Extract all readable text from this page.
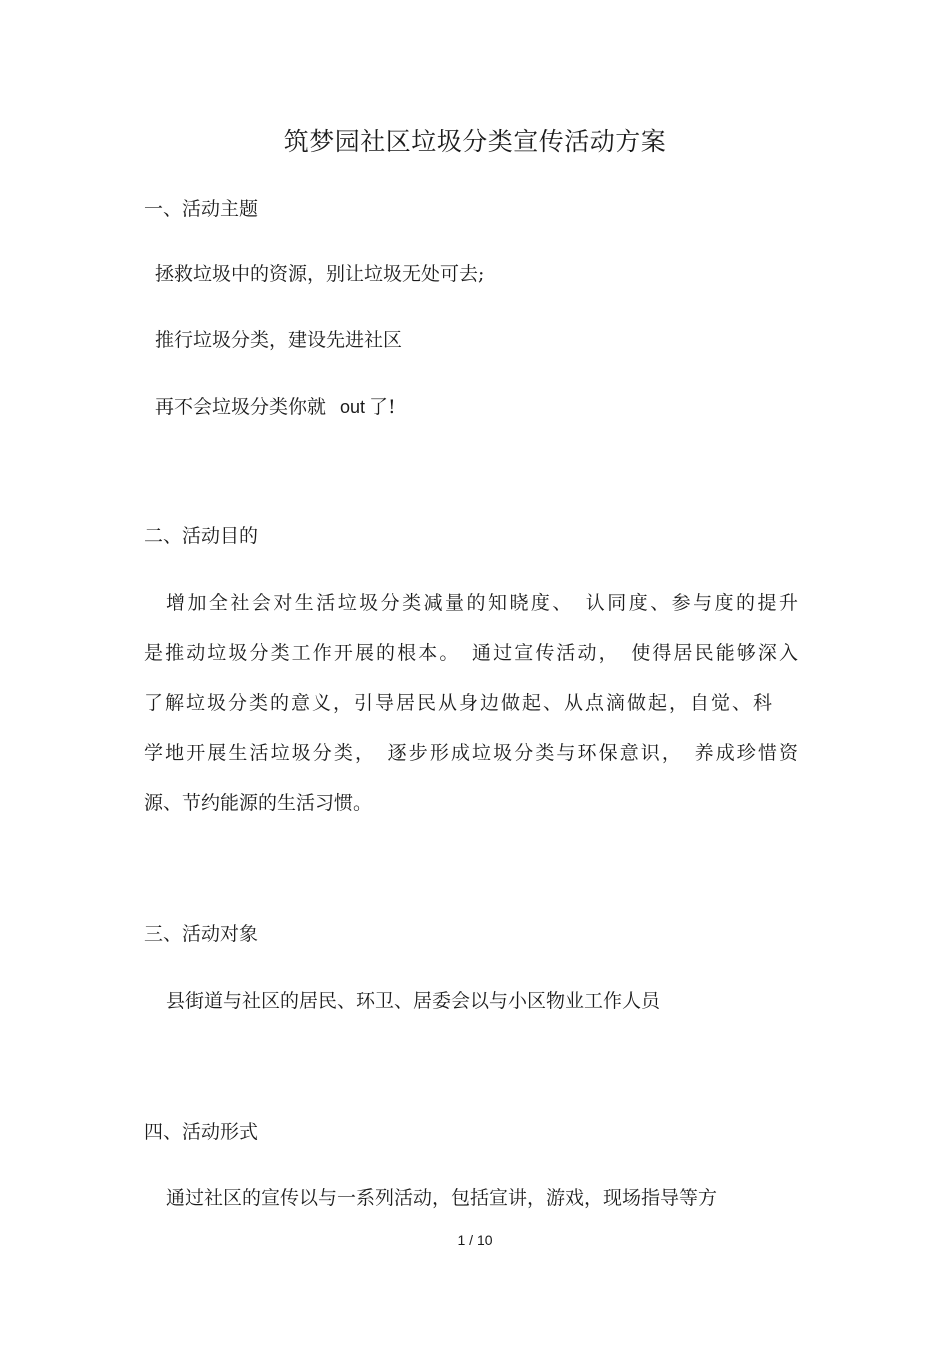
筑梦园社区垃圾分类宣传活动方案

一、活动主题

拯救垃圾中的资源，别让垃圾无处可去;

推行垃圾分类，建设先进社区

再不会垃圾分类你就 out 了!

二、活动目的

增加全社会对生活垃圾分类减量的知晓度、　认同度、参与度的提升

是推动垃圾分类工作开展的根本。　通过宣传活动，　使得居民能够深入

了解垃圾分类的意义，引导居民从身边做起、从点滴做起，自觉、科

学地开展生活垃圾分类，　逐步形成垃圾分类与环保意识，　养成珍惜资

源、节约能源的生活习惯。

三、活动对象

县街道与社区的居民、环卫、居委会以与小区物业工作人员

四、活动形式

通过社区的宣传以与一系列活动，包括宣讲，游戏，现场指导等方

1 / 10
